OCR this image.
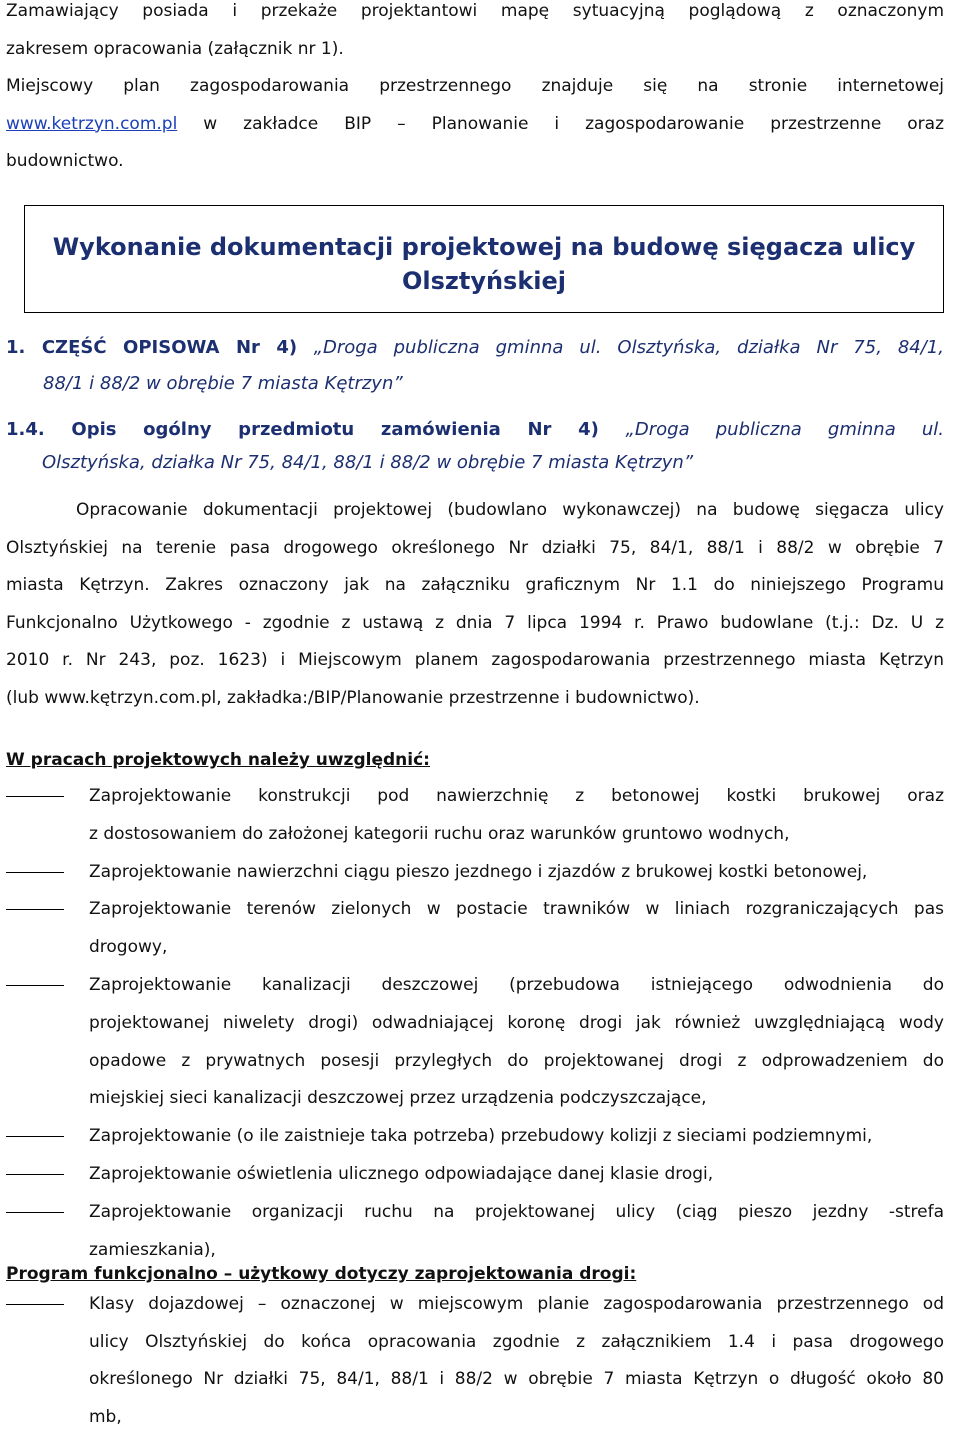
Zamawiający posiada i przekaże projektantowi mapę sytuacyjną poglądową z oznaczonym
zakresem opracowania (załącznik nr 1).
Miejscowy plan zagospodarowania przestrzennego znajduje się na stronie internetowej
www.ketrzyn.com.pl w zakładce BIP – Planowanie i zagospodarowanie przestrzenne oraz
budownictwo.
Wykonanie dokumentacji projektowej na budowę sięgacza ulicy
Olsztyńskiej
1. CZĘŚĆ OPISOWA Nr 4) „Droga publiczna gminna ul. Olsztyńska, działka Nr 75, 84/1,
88/1 i 88/2 w obrębie 7 miasta Kętrzyn”
1.4. Opis ogólny przedmiotu zamówienia Nr 4) „Droga publiczna gminna ul.
Olsztyńska, działka Nr 75, 84/1, 88/1 i 88/2 w obrębie 7 miasta Kętrzyn”
Opracowanie dokumentacji projektowej (budowlano wykonawczej) na budowę sięgacza ulicy
Olsztyńskiej na terenie pasa drogowego określonego Nr działki 75, 84/1, 88/1 i 88/2 w obrębie 7
miasta Kętrzyn. Zakres oznaczony jak na załączniku graficznym Nr 1.1 do niniejszego Programu
Funkcjonalno Użytkowego - zgodnie z ustawą z dnia 7 lipca 1994 r. Prawo budowlane (t.j.: Dz. U z
2010 r. Nr 243, poz. 1623) i Miejscowym planem zagospodarowania przestrzennego miasta Kętrzyn
(lub www.kętrzyn.com.pl, zakładka:/BIP/Planowanie przestrzenne i budownictwo).
W pracach projektowych należy uwzględnić:
Zaprojektowanie konstrukcji pod nawierzchnię z betonowej kostki brukowej oraz
z dostosowaniem do założonej kategorii ruchu oraz warunków gruntowo wodnych,
Zaprojektowanie nawierzchni ciągu pieszo jezdnego i zjazdów z brukowej kostki betonowej,
Zaprojektowanie terenów zielonych w postacie trawników w liniach rozgraniczających pas
drogowy,
Zaprojektowanie kanalizacji deszczowej (przebudowa istniejącego odwodnienia do
projektowanej niwelety drogi) odwadniającej koronę drogi jak również uwzględniającą wody
opadowe z prywatnych posesji przyległych do projektowanej drogi z odprowadzeniem do
miejskiej sieci kanalizacji deszczowej przez urządzenia podczyszczające,
Zaprojektowanie (o ile zaistnieje taka potrzeba) przebudowy kolizji z sieciami podziemnymi,
Zaprojektowanie oświetlenia ulicznego odpowiadające danej klasie drogi,
Zaprojektowanie organizacji ruchu na projektowanej ulicy (ciąg pieszo jezdny -strefa
zamieszkania),
Program funkcjonalno – użytkowy dotyczy zaprojektowania drogi:
Klasy dojazdowej – oznaczonej w miejscowym planie zagospodarowania przestrzennego od
ulicy Olsztyńskiej do końca opracowania zgodnie z załącznikiem 1.4 i pasa drogowego
określonego Nr działki 75, 84/1, 88/1 i 88/2 w obrębie 7 miasta Kętrzyn o długość około 80
mb,
